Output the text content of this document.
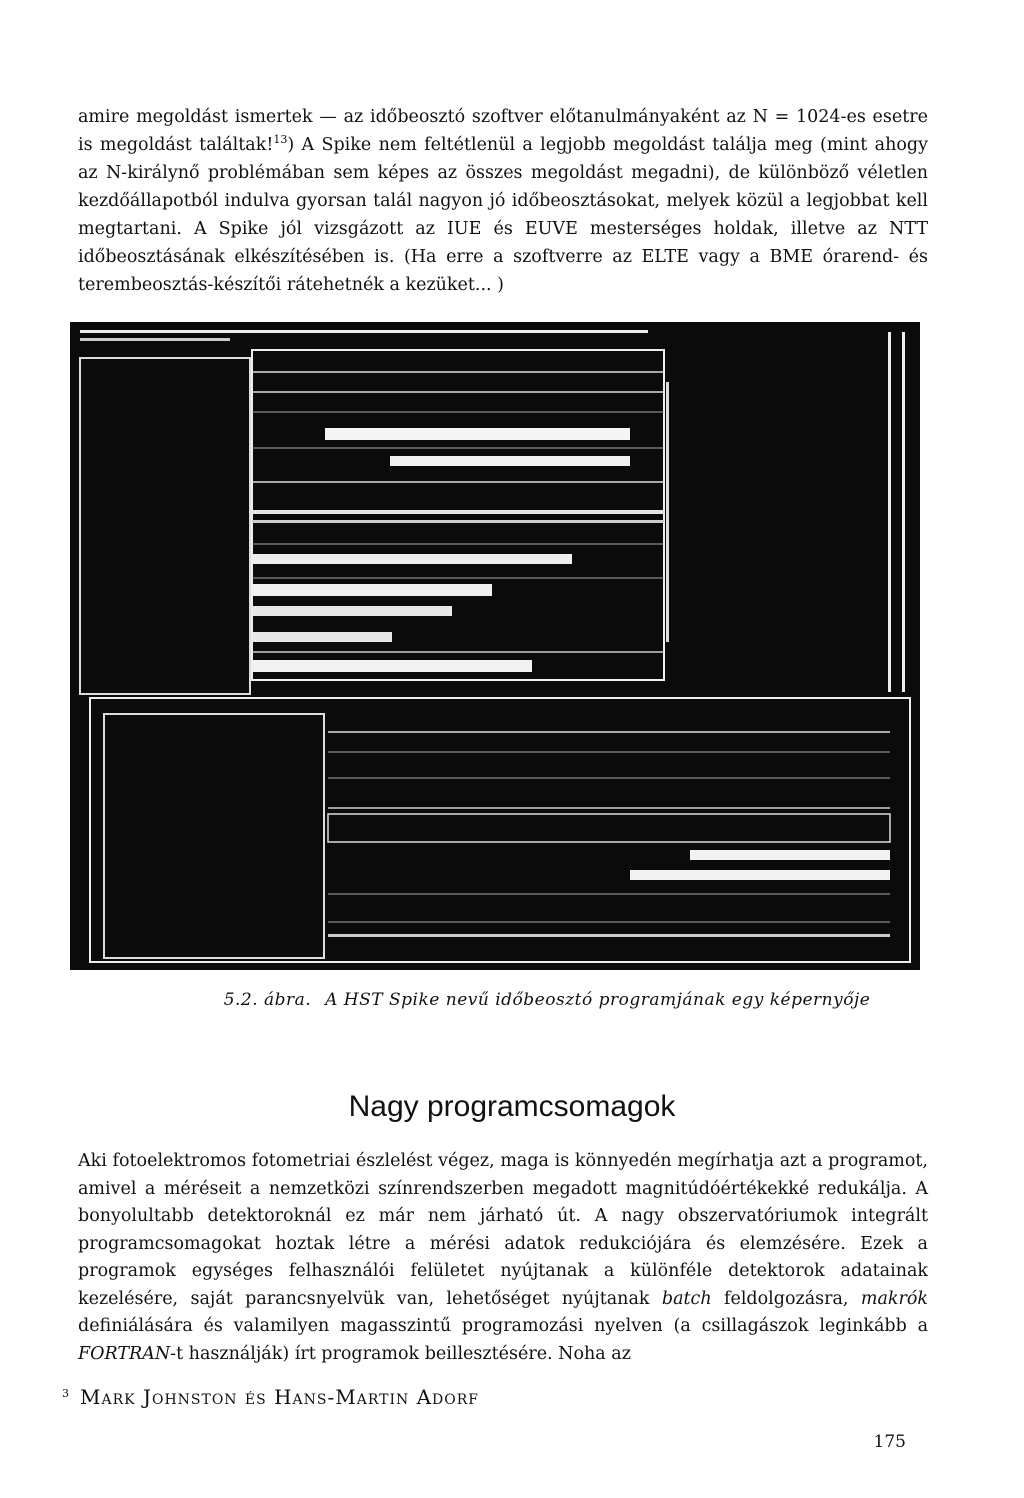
amire megoldást ismertek — az időbeosztó szoftver előtanulmányaként az N = 1024-es esetre is megoldást találtak!$^{13}$) A Spike nem feltétlenül a legjobb megoldást találja meg (mint ahogy az N-királynő problémában sem képes az összes megoldást megadni), de különböző véletlen kezdőállapotból indulva gyorsan talál nagyon jó időbeosztásokat, melyek közül a legjobbat kell megtartani. A Spike jól vizsgázott az IUE és EUVE mesterséges holdak, illetve az NTT időbeosztásának elkészítésében is. (Ha erre a szoftverre az ELTE vagy a BME órarend- és terembeosztás-készítői rátehetnék a kezüket... )

5.2. ábra. A HST Spike nevű időbeosztó programjának egy képernyője
Nagy programcsomagok

Aki fotoelektromos fotometriai észlelést végez, maga is könnyedén megírhatja azt a programot, amivel a méréseit a nemzetközi színrendszerben megadott magnitúdóértékekké redukálja. A bonyolultabb detektoroknál ez már nem járható út. A nagy obszervatóriumok integrált programcsomagokat hoztak létre a mérési adatok redukciójára és elemzésére. Ezek a programok egységes felhasználói felületet nyújtanak a különféle detektorok adatainak kezelésére, saját parancsnyelvük van, lehetőséget nyújtanak batch feldolgozásra, makrók definiálására és valamilyen magasszintű programozási nyelven (a csillagászok leginkább a FORTRAN-t használják) írt programok beillesztésére. Noha az

$^3$ Mark Johnston és Hans-Martin Adorf
175
